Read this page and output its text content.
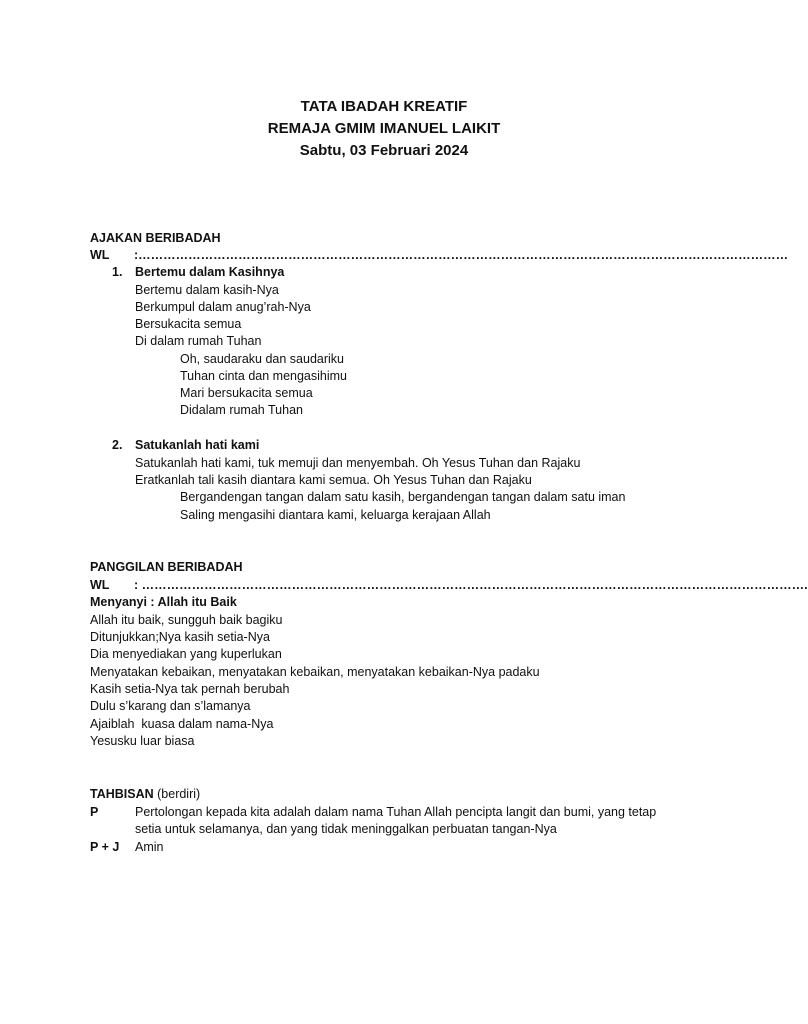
TATA IBADAH KREATIF
REMAJA GMIM IMANUEL LAIKIT
Sabtu, 03 Februari 2024
AJAKAN BERIBADAH
WL :…………………………………………………………………………………………………………………………………………
1. Bertemu dalam Kasihnya
Bertemu dalam kasih-Nya
Berkumpul dalam anug’rah-Nya
Bersukacita semua
Di dalam rumah Tuhan
Oh, saudaraku dan saudariku
Tuhan cinta dan mengasihimu
Mari bersukacita semua
Didalam rumah Tuhan
2. Satukanlah hati kami
Satukanlah hati kami, tuk memuji dan menyembah. Oh Yesus Tuhan dan Rajaku
Eratkanlah tali kasih diantara kami semua. Oh Yesus Tuhan dan Rajaku
Bergandengan tangan dalam satu kasih, bergandengan tangan dalam satu iman
Saling mengasihi diantara kami, keluarga kerajaan Allah
PANGGILAN BERIBADAH
WL : …………………………………………………………………………………………………………………………………………….
Menyanyi : Allah itu Baik
Allah itu baik, sungguh baik bagiku
Ditunjukkan;Nya kasih setia-Nya
Dia menyediakan yang kuperlukan
Menyatakan kebaikan, menyatakan kebaikan, menyatakan kebaikan-Nya padaku
Kasih setia-Nya tak pernah berubah
Dulu s’karang dan s’lamanya
Ajaiblah  kuasa dalam nama-Nya
Yesusku luar biasa
TAHBISAN (berdiri)
P	Pertolongan kepada kita adalah dalam nama Tuhan Allah pencipta langit dan bumi, yang tetap
setia untuk selamanya, dan yang tidak meninggalkan perbuatan tangan-Nya
P + J Amin
